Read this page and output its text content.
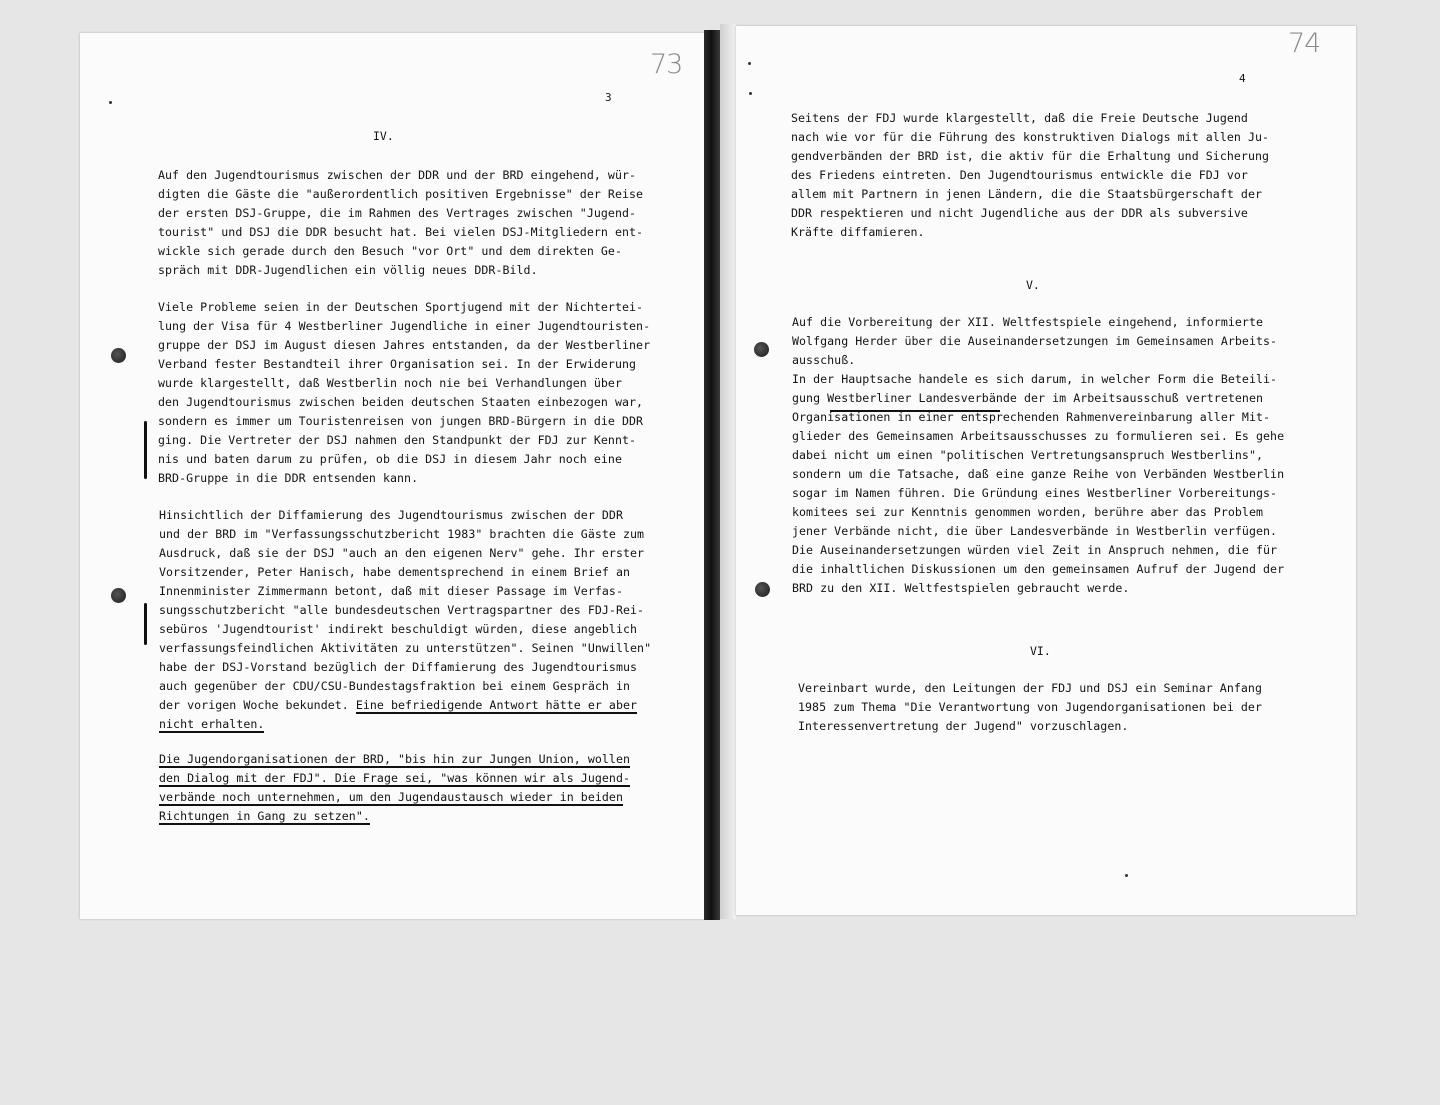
73
3
IV.
Auf den Jugendtourismus zwischen der DDR und der BRD eingehend, wür-
digten die Gäste die "außerordentlich positiven Ergebnisse" der Reise
der ersten DSJ-Gruppe, die im Rahmen des Vertrages zwischen "Jugend-
tourist" und DSJ die DDR besucht hat. Bei vielen DSJ-Mitgliedern ent-
wickle sich gerade durch den Besuch "vor Ort" und dem direkten Ge-
spräch mit DDR-Jugendlichen ein völlig neues DDR-Bild.
Viele Probleme seien in der Deutschen Sportjugend mit der Nichtertei-
lung der Visa für 4 Westberliner Jugendliche in einer Jugendtouristen-
gruppe der DSJ im August diesen Jahres entstanden, da der Westberliner
Verband fester Bestandteil ihrer Organisation sei. In der Erwiderung
wurde klargestellt, daß Westberlin noch nie bei Verhandlungen über
den Jugendtourismus zwischen beiden deutschen Staaten einbezogen war,
sondern es immer um Touristenreisen von jungen BRD-Bürgern in die DDR
ging. Die Vertreter der DSJ nahmen den Standpunkt der FDJ zur Kennt-
nis und baten darum zu prüfen, ob die DSJ in diesem Jahr noch eine
BRD-Gruppe in die DDR entsenden kann.
Hinsichtlich der Diffamierung des Jugendtourismus zwischen der DDR
und der BRD im "Verfassungsschutzbericht 1983" brachten die Gäste zum
Ausdruck, daß sie der DSJ "auch an den eigenen Nerv" gehe. Ihr erster
Vorsitzender, Peter Hanisch, habe dementsprechend in einem Brief an
Innenminister Zimmermann betont, daß mit dieser Passage im Verfas-
sungsschutzbericht "alle bundesdeutschen Vertragspartner des FDJ-Rei-
sebüros 'Jugendtourist' indirekt beschuldigt würden, diese angeblich
verfassungsfeindlichen Aktivitäten zu unterstützen". Seinen "Unwillen"
habe der DSJ-Vorstand bezüglich der Diffamierung des Jugendtourismus
auch gegenüber der CDU/CSU-Bundestagsfraktion bei einem Gespräch in
der vorigen Woche bekundet. Eine befriedigende Antwort hätte er aber
nicht erhalten.
Die Jugendorganisationen der BRD, "bis hin zur Jungen Union, wollen
den Dialog mit der FDJ". Die Frage sei, "was können wir als Jugend-
verbände noch unternehmen, um den Jugendaustausch wieder in beiden
Richtungen in Gang zu setzen".
74
4
Seitens der FDJ wurde klargestellt, daß die Freie Deutsche Jugend
nach wie vor für die Führung des konstruktiven Dialogs mit allen Ju-
gendverbänden der BRD ist, die aktiv für die Erhaltung und Sicherung
des Friedens eintreten. Den Jugendtourismus entwickle die FDJ vor
allem mit Partnern in jenen Ländern, die die Staatsbürgerschaft der
DDR respektieren und nicht Jugendliche aus der DDR als subversive
Kräfte diffamieren.
V.
Auf die Vorbereitung der XII. Weltfestspiele eingehend, informierte
Wolfgang Herder über die Auseinandersetzungen im Gemeinsamen Arbeits-
ausschuß.
In der Hauptsache handele es sich darum, in welcher Form die Beteili-
gung Westberliner Landesverbände der im Arbeitsausschuß vertretenen
Organisationen in einer entsprechenden Rahmenvereinbarung aller Mit-
glieder des Gemeinsamen Arbeitsausschusses zu formulieren sei. Es gehe
dabei nicht um einen "politischen Vertretungsanspruch Westberlins",
sondern um die Tatsache, daß eine ganze Reihe von Verbänden Westberlin
sogar im Namen führen. Die Gründung eines Westberliner Vorbereitungs-
komitees sei zur Kenntnis genommen worden, berühre aber das Problem
jener Verbände nicht, die über Landesverbände in Westberlin verfügen.
Die Auseinandersetzungen würden viel Zeit in Anspruch nehmen, die für
die inhaltlichen Diskussionen um den gemeinsamen Aufruf der Jugend der
BRD zu den XII. Weltfestspielen gebraucht werde.
VI.
Vereinbart wurde, den Leitungen der FDJ und DSJ ein Seminar Anfang
1985 zum Thema "Die Verantwortung von Jugendorganisationen bei der
Interessenvertretung der Jugend" vorzuschlagen.
